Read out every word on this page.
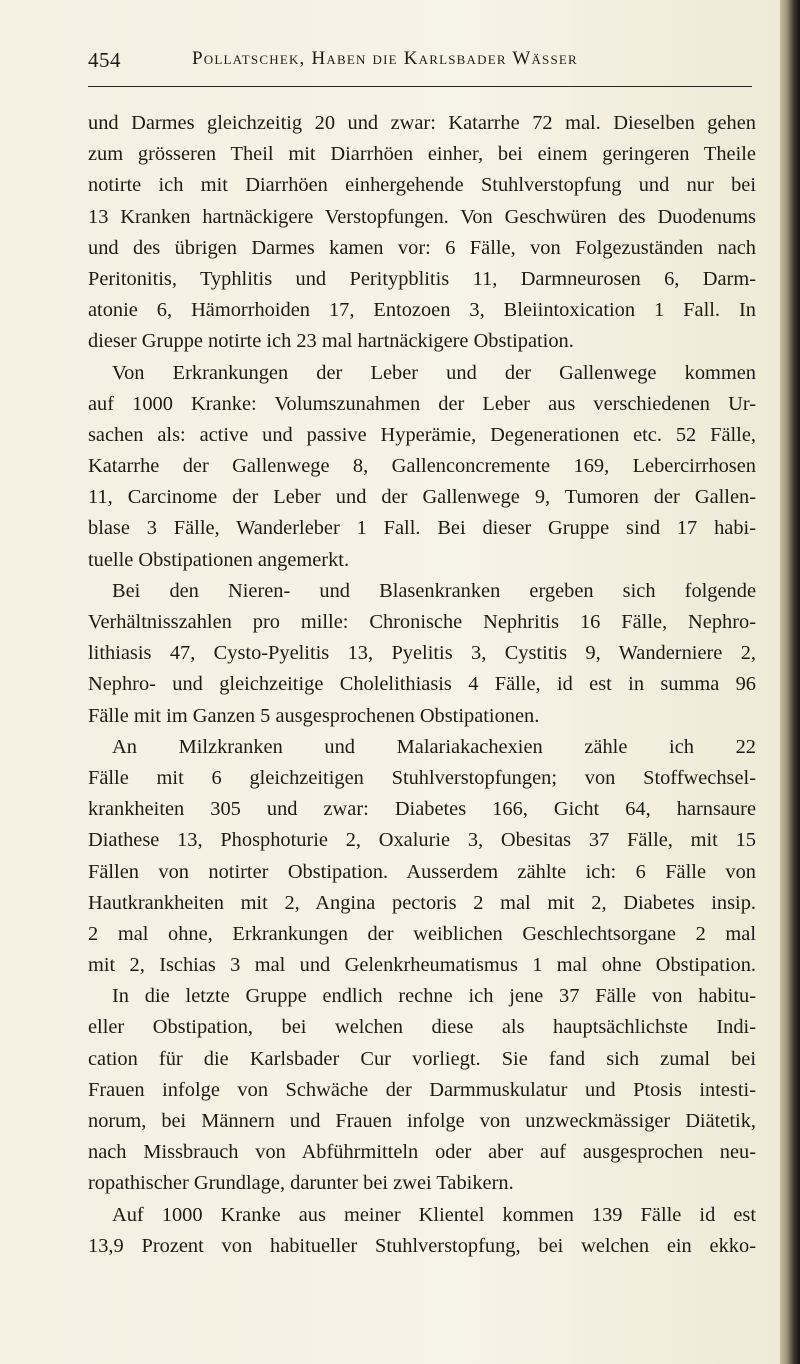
454	Pollatschek, Haben die Karlsbader Wässer
und Darmes gleichzeitig 20 und zwar: Katarrhe 72 mal. Dieselben gehen
zum grösseren Theil mit Diarrhöen einher, bei einem geringeren Theile
notirte ich mit Diarrhöen einhergehende Stuhlverstopfung und nur bei
13 Kranken hartnäckigere Verstopfungen. Von Geschwüren des Duodenums
und des übrigen Darmes kamen vor: 6 Fälle, von Folgezuständen nach
Peritonitis, Typhlitis und Peritypblitis 11, Darmneurosen 6, Darm-
atonie 6, Hämorrhoiden 17, Entozoen 3, Bleiintoxication 1 Fall. In
dieser Gruppe notirte ich 23 mal hartnäckigere Obstipation.
Von Erkrankungen der Leber und der Gallenwege kommen
auf 1000 Kranke: Volumszunahmen der Leber aus verschiedenen Ur-
sachen als: active und passive Hyperämie, Degenerationen etc. 52 Fälle,
Katarrhe der Gallenwege 8, Gallenconcremente 169, Lebercirrhosen
11, Carcinome der Leber und der Gallenwege 9, Tumoren der Gallen-
blase 3 Fälle, Wanderleber 1 Fall. Bei dieser Gruppe sind 17 habi-
tuelle Obstipationen angemerkt.
Bei den Nieren- und Blasenkranken ergeben sich folgende
Verhältnisszahlen pro mille: Chronische Nephritis 16 Fälle, Nephro-
lithiasis 47, Cysto-Pyelitis 13, Pyelitis 3, Cystitis 9, Wanderniere 2,
Nephro- und gleichzeitige Cholelithiasis 4 Fälle, id est in summa 96
Fälle mit im Ganzen 5 ausgesprochenen Obstipationen.
An Milzkranken und Malariakachexien zähle ich 22
Fälle mit 6 gleichzeitigen Stuhlverstopfungen; von Stoffwechsel-
krankheiten 305 und zwar: Diabetes 166, Gicht 64, harnsaure
Diathese 13, Phosphoturie 2, Oxalurie 3, Obesitas 37 Fälle, mit 15
Fällen von notirter Obstipation. Ausserdem zählte ich: 6 Fälle von
Hautkrankheiten mit 2, Angina pectoris 2 mal mit 2, Diabetes insip.
2 mal ohne, Erkrankungen der weiblichen Geschlechtsorgane 2 mal
mit 2, Ischias 3 mal und Gelenkrheumatismus 1 mal ohne Obstipation.
In die letzte Gruppe endlich rechne ich jene 37 Fälle von habitu-
eller Obstipation, bei welchen diese als hauptsächlichste Indi-
cation für die Karlsbader Cur vorliegt. Sie fand sich zumal bei
Frauen infolge von Schwäche der Darmmuskulatur und Ptosis intesti-
norum, bei Männern und Frauen infolge von unzweckmässiger Diätetik,
nach Missbrauch von Abführmitteln oder aber auf ausgesprochen neu-
ropathischer Grundlage, darunter bei zwei Tabikern.
Auf 1000 Kranke aus meiner Klientel kommen 139 Fälle id est
13,9 Prozent von habitueller Stuhlverstopfung, bei welchen ein ekko-
